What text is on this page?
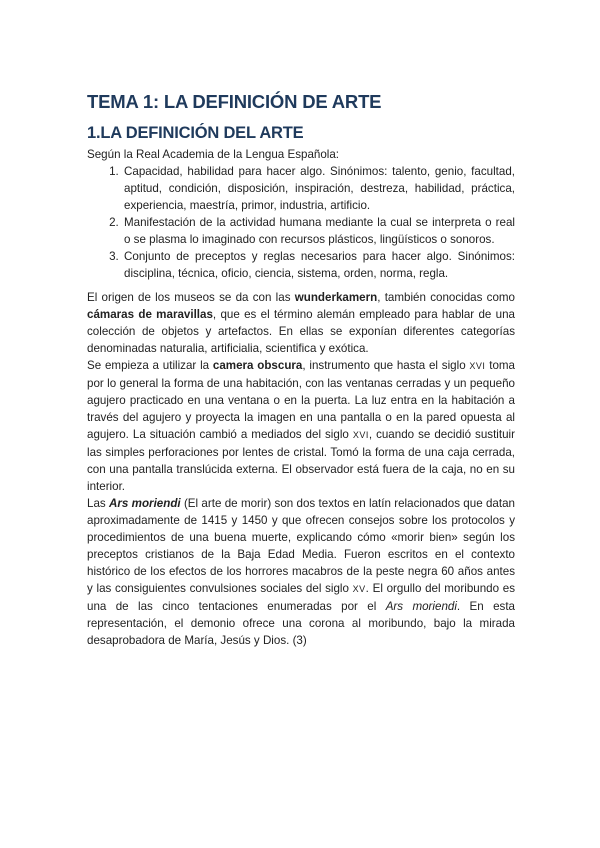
TEMA 1: LA DEFINICIÓN DE ARTE
1.LA DEFINICIÓN DEL ARTE

Según la Real Academia de la Lengua Española:

1. Capacidad, habilidad para hacer algo. Sinónimos: talento, genio, facultad, aptitud, condición, disposición, inspiración, destreza, habilidad, práctica, experiencia, maestría, primor, industria, artificio.
2. Manifestación de la actividad humana mediante la cual se interpreta o real o se plasma lo imaginado con recursos plásticos, lingüísticos o sonoros.
3. Conjunto de preceptos y reglas necesarios para hacer algo. Sinónimos: disciplina, técnica, oficio, ciencia, sistema, orden, norma, regla.

El origen de los museos se da con las wunderkamern, también conocidas como cámaras de maravillas, que es el término alemán empleado para hablar de una colección de objetos y artefactos. En ellas se exponían diferentes categorías denominadas naturalia, artificialia, scientifica y exótica.

Se empieza a utilizar la camera obscura, instrumento que hasta el siglo XVI toma por lo general la forma de una habitación, con las ventanas cerradas y un pequeño agujero practicado en una ventana o en la puerta. La luz entra en la habitación a través del agujero y proyecta la imagen en una pantalla o en la pared opuesta al agujero. La situación cambió a mediados del siglo XVI, cuando se decidió sustituir las simples perforaciones por lentes de cristal. Tomó la forma de una caja cerrada, con una pantalla translúcida externa. El observador está fuera de la caja, no en su interior.

Las Ars moriendi (El arte de morir) son dos textos en latín relacionados que datan aproximadamente de 1415 y 1450 y que ofrecen consejos sobre los protocolos y procedimientos de una buena muerte, explicando cómo «morir bien» según los preceptos cristianos de la Baja Edad Media. Fueron escritos en el contexto histórico de los efectos de los horrores macabros de la peste negra 60 años antes y las consiguientes convulsiones sociales del siglo XV. El orgullo del moribundo es una de las cinco tentaciones enumeradas por el Ars moriendi. En esta representación, el demonio ofrece una corona al moribundo, bajo la mirada desaprobadora de María, Jesús y Dios. (3)
